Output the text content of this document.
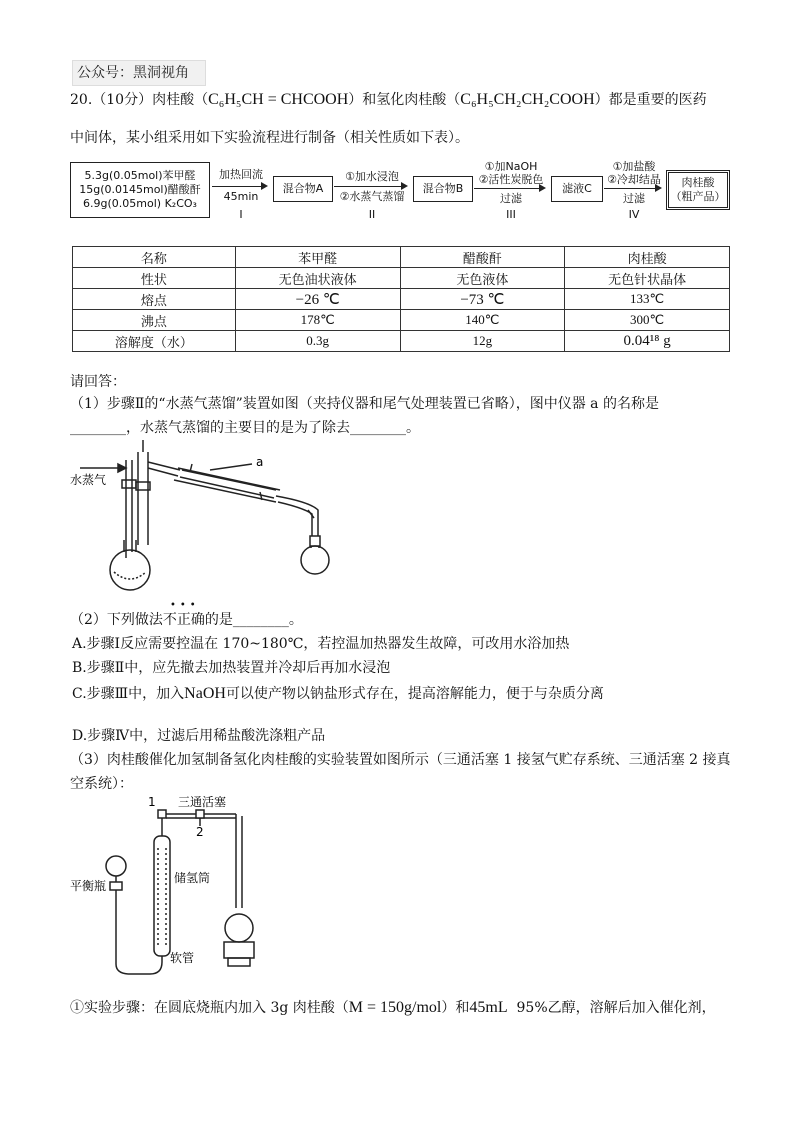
公众号：黑洞视角
20.（10分）肉桂酸（C₆H₅CH = CHCOOH）和氢化肉桂酸（C₆H₅CH₂CH₂COOH）都是重要的医药
中间体，某小组采用如下实验流程进行制备（相关性质如下表）。
5.3g(0.05mol)苯甲醛
15g(0.0145mol)醋酸酐
6.9g(0.05mol) K₂CO₃
加热回流
45min
I
混合物A
①加水浸泡
②水蒸气蒸馏
II
混合物B
①加NaOH
②活性炭脱色
过滤
III
滤液C
①加盐酸
②冷却结晶
过滤
IV
肉桂酸
（粗产品）
名称	苯甲醛	醋酸酐	肉桂酸
性状	无色油状液体	无色液体	无色针状晶体
熔点	−26 ℃	−73 ℃	133℃
沸点	178℃	140℃	300℃
溶解度（水）	0.3g	12g	0.04¹⁸ g
请回答：
（1）步骤Ⅱ的“水蒸气蒸馏”装置如图（夹持仪器和尾气处理装置已省略），图中仪器 a 的名称是
________，水蒸气蒸馏的主要目的是为了除去________。
水蒸气
a
•••
（2）下列做法不正确的是________。
A.步骤Ⅰ反应需要控温在 170~180℃，若控温加热器发生故障，可改用水浴加热
B.步骤Ⅱ中，应先撤去加热装置并冷却后再加水浸泡
C.步骤Ⅲ中，加入NaOH可以使产物以钠盐形式存在，提高溶解能力，便于与杂质分离
D.步骤Ⅳ中，过滤后用稀盐酸洗涤粗产品
（3）肉桂酸催化加氢制备氢化肉桂酸的实验装置如图所示（三通活塞 1 接氢气贮存系统、三通活塞 2 接真
空系统）：
1 三通活塞
2
平衡瓶
储氢筒
软管
①实验步骤：在圆底烧瓶内加入 3g 肉桂酸（M = 150g/mol）和45mL 95%乙醇，溶解后加入催化剂，
